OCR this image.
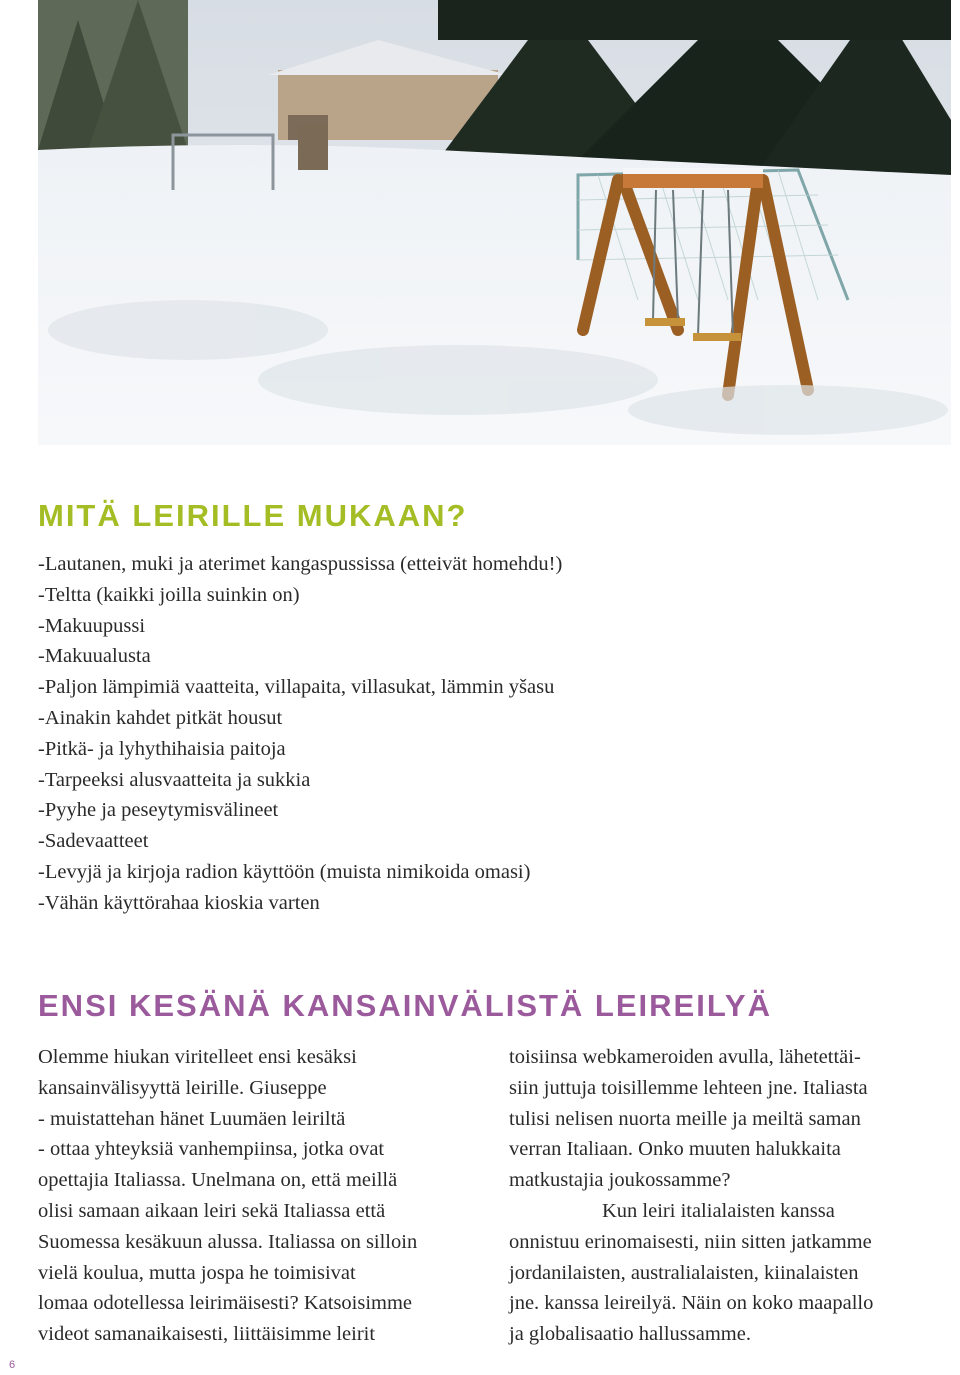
MITÄ LEIRILLE MUKAAN?
-Lautanen, muki ja aterimet kangaspussissa (etteivät homehdu!)
-Teltta (kaikki joilla suinkin on)
-Makuupussi
-Makuualusta
-Paljon lämpimiä vaatteita, villapaita, villasukat, lämmin yšasu
-Ainakin kahdet pitkät housut
-Pitkä- ja lyhythihaisia paitoja
-Tarpeeksi alusvaatteita ja sukkia
-Pyyhe ja peseytymisvälineet
-Sadevaatteet
-Levyjä ja kirjoja radion käyttöön (muista nimikoida omasi)
-Vähän käyttörahaa kioskia varten
ENSI KESÄNÄ KANSAINVÄLISTÄ LEIREILYÄ

Olemme hiukan viritelleet ensi kesäksi

kansainvälisyyttä leirille. Giuseppe

- muistattehan hänet Luumäen leiriltä

- ottaa yhteyksiä vanhempiinsa, jotka ovat

opettajia Italiassa. Unelmana on, että meillä

olisi samaan aikaan leiri sekä Italiassa että

Suomessa kesäkuun alussa. Italiassa on silloin

vielä koulua, mutta jospa he toimisivat

lomaa odotellessa leirimäisesti? Katsoisimme

videot samanaikaisesti, liittäisimme leirit

toisiinsa webkameroiden avulla, lähetettäi-

siin juttuja toisillemme lehteen jne. Italiasta

tulisi nelisen nuorta meille ja meiltä saman

verran Italiaan. Onko muuten halukkaita

matkustajia joukossamme?

Kun leiri italialaisten kanssa

onnistuu erinomaisesti, niin sitten jatkamme

jordanilaisten, australialaisten, kiinalaisten

jne. kanssa leireilyä. Näin on koko maapallo

ja globalisaatio hallussamme.

6
